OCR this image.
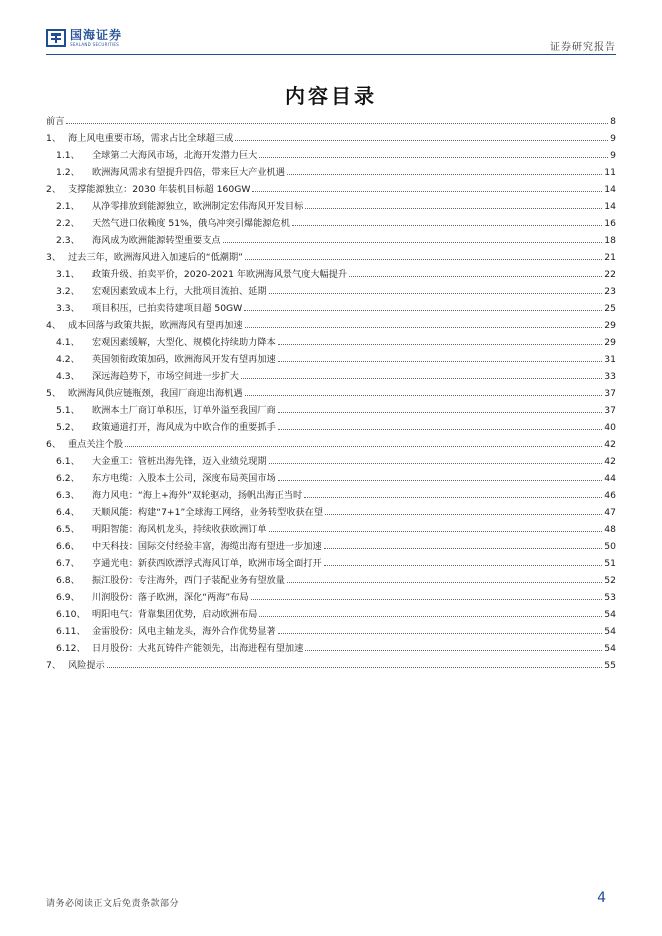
国海证券
SEALAND SECURITIES	证券研究报告
内容目录
前言	8
1、 海上风电重要市场，需求占比全球超三成	9
1.1、	全球第二大海风市场，北海开发潜力巨大	9
1.2、	欧洲海风需求有望提升四倍，带来巨大产业机遇	11
2、 支撑能源独立：2030 年装机目标超 160GW	14
2.1、	从净零排放到能源独立，欧洲制定宏伟海风开发目标	14
2.2、	天然气进口依赖度 51%，俄乌冲突引爆能源危机	16
2.3、	海风成为欧洲能源转型重要支点	18
3、 过去三年，欧洲海风进入加速后的“低潮期”	21
3.1、	政策升级、拍卖平价，2020-2021 年欧洲海风景气度大幅提升	22
3.2、	宏观因素致成本上行，大批项目流拍、延期	23
3.3、	项目积压，已拍卖待建项目超 50GW	25
4、 成本回落与政策共振，欧洲海风有望再加速	29
4.1、	宏观因素缓解，大型化、规模化持续助力降本	29
4.2、	英国领衔政策加码，欧洲海风开发有望再加速	31
4.3、	深远海趋势下，市场空间进一步扩大	33
5、 欧洲海风供应链瓶颈，我国厂商迎出海机遇	37
5.1、	欧洲本土厂商订单积压，订单外溢至我国厂商	37
5.2、	政策通道打开，海风成为中欧合作的重要抓手	40
6、 重点关注个股	42
6.1、	大金重工：管桩出海先锋，迈入业绩兑现期	42
6.2、	东方电缆：入股本土公司，深度布局英国市场	44
6.3、	海力风电：“海上+海外”双轮驱动，扬帆出海正当时	46
6.4、	天顺风能：构建“7+1”全球海工网络，业务转型收获在望	47
6.5、	明阳智能：海风机龙头，持续收获欧洲订单	48
6.6、	中天科技：国际交付经验丰富，海缆出海有望进一步加速	50
6.7、	亨通光电：新获西欧漂浮式海风订单，欧洲市场全面打开	51
6.8、	振江股份：专注海外，西门子装配业务有望放量	52
6.9、	川润股份：落子欧洲，深化“两海”布局	53
6.10、 明阳电气：背靠集团优势，启动欧洲布局	54
6.11、 金雷股份：风电主轴龙头，海外合作优势显著	54
6.12、 日月股份：大兆瓦铸件产能领先，出海进程有望加速	54
7、 风险提示	55
请务必阅读正文后免责条款部分	4
